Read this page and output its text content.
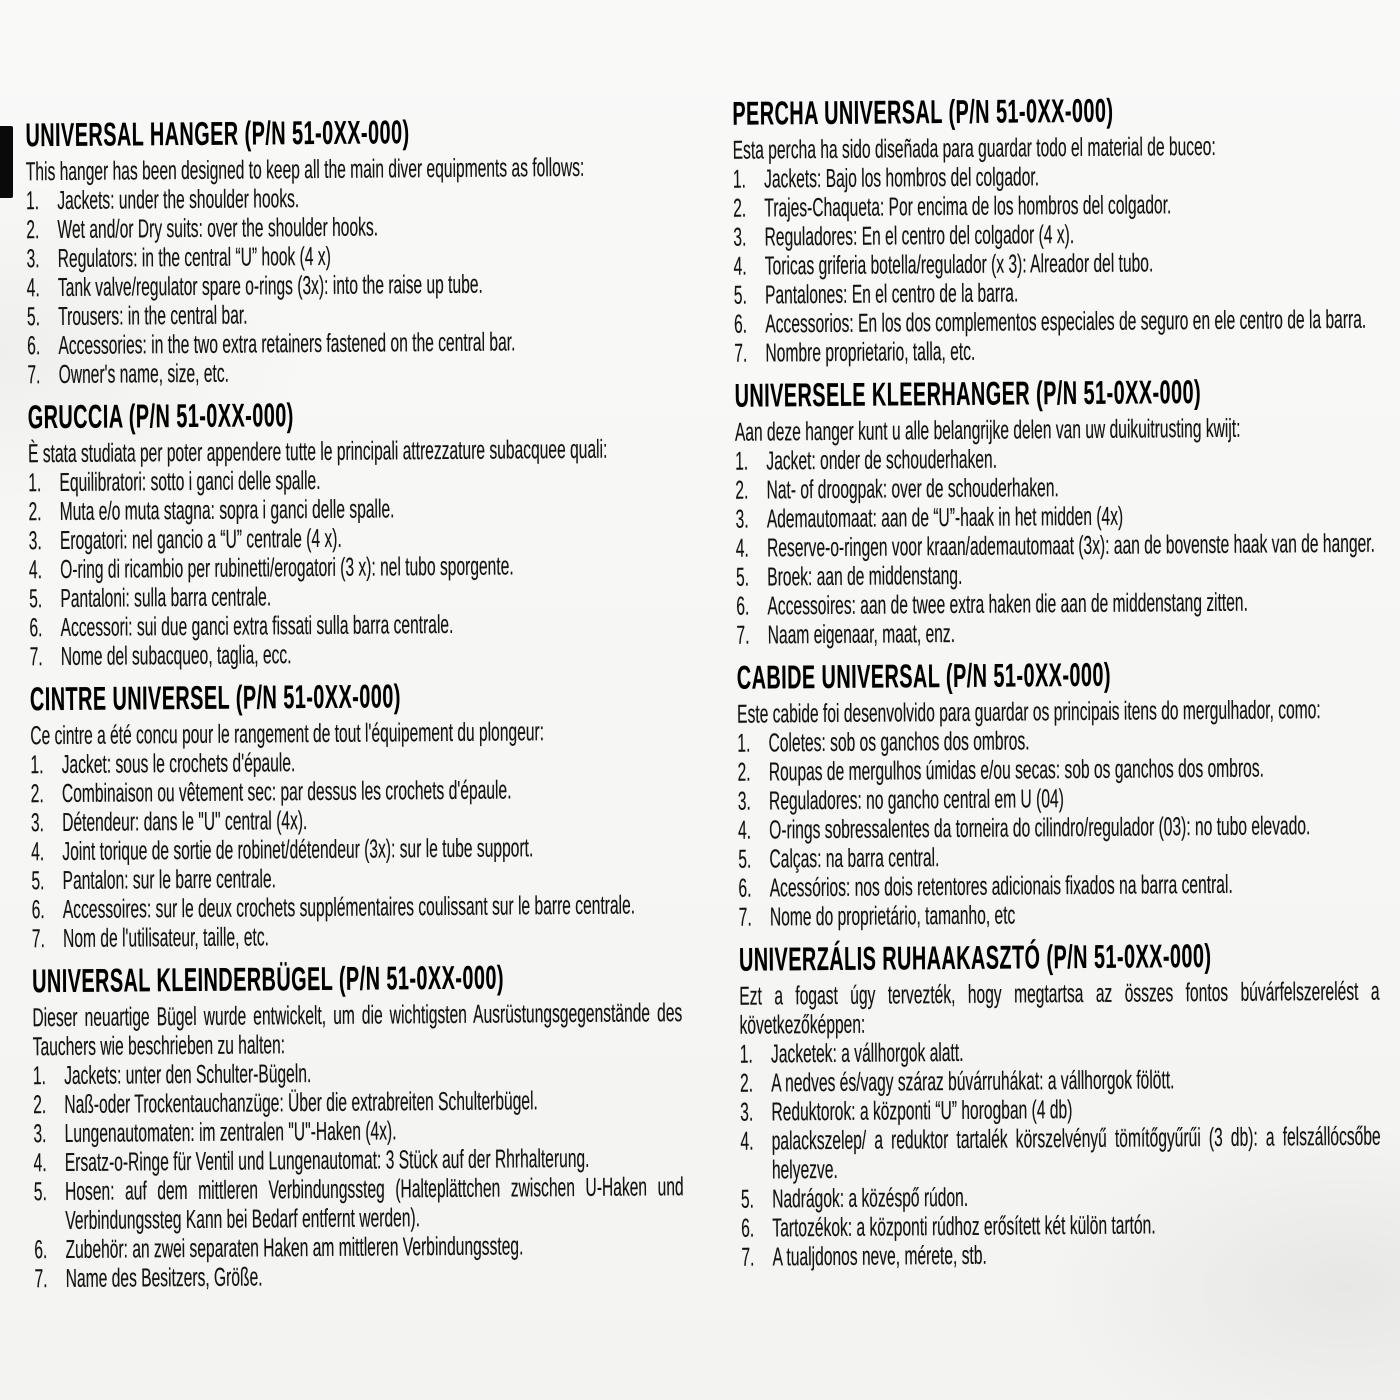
UNIVERSAL HANGER (P/N 51-0XX-000)

This hanger has been designed to keep all the main diver equipments as follows:

1. Jackets: under the shoulder hooks.
2. Wet and/or Dry suits: over the shoulder hooks.
3. Regulators: in the central “U” hook (4 x)
4. Tank valve/regulator spare o-rings (3x): into the raise up tube.
5. Trousers: in the central bar.
6. Accessories: in the two extra retainers fastened on the central bar.
7. Owner's name, size, etc.
GRUCCIA (P/N 51-0XX-000)

È stata studiata per poter appendere tutte le principali attrezzature subacquee quali:

1. Equilibratori: sotto i ganci delle spalle.
2. Muta e/o muta stagna: sopra i ganci delle spalle.
3. Erogatori: nel gancio a “U” centrale (4 x).
4. O-ring di ricambio per rubinetti/erogatori (3 x): nel tubo sporgente.
5. Pantaloni: sulla barra centrale.
6. Accessori: sui due ganci extra fissati sulla barra centrale.
7. Nome del subacqueo, taglia, ecc.
CINTRE UNIVERSEL (P/N 51-0XX-000)

Ce cintre a été concu pour le rangement de tout l'équipement du plongeur:

1. Jacket: sous le crochets d'épaule.
2. Combinaison ou vêtement sec: par dessus les crochets d'épaule.
3. Détendeur: dans le "U" central (4x).
4. Joint torique de sortie de robinet/détendeur (3x): sur le tube support.
5. Pantalon: sur le barre centrale.
6. Accessoires: sur le deux crochets supplémentaires coulissant sur le barre centrale.
7. Nom de l'utilisateur, taille, etc.
UNIVERSAL KLEINDERBÜGEL (P/N 51-0XX-000)

Dieser neuartige Bügel wurde entwickelt, um die wichtigsten Ausrüstungsgegenstände des Tauchers wie beschrieben zu halten:

1. Jackets: unter den Schulter-Bügeln.
2. Naß-oder Trockentauchanzüge: Über die extrabreiten Schulterbügel.
3. Lungenautomaten: im zentralen "U"-Haken (4x).
4. Ersatz-o-Ringe für Ventil und Lungenautomat: 3 Stück auf der Rhrhalterung.
5. Hosen: auf dem mittleren Verbindungssteg (Halteplättchen zwischen U-Haken und Verbindungssteg Kann bei Bedarf entfernt werden).
6. Zubehör: an zwei separaten Haken am mittleren Verbindungssteg.
7. Name des Besitzers, Größe.
PERCHA UNIVERSAL (P/N 51-0XX-000)

Esta percha ha sido diseñada para guardar todo el material de buceo:

1. Jackets: Bajo los hombros del colgador.
2. Trajes-Chaqueta: Por encima de los hombros del colgador.
3. Reguladores: En el centro del colgador (4 x).
4. Toricas griferia botella/regulador (x 3): Alreador del tubo.
5. Pantalones: En el centro de la barra.
6. Accessorios: En los dos complementos especiales de seguro en ele centro de la barra.
7. Nombre proprietario, talla, etc.
UNIVERSELE KLEERHANGER (P/N 51-0XX-000)

Aan deze hanger kunt u alle belangrijke delen van uw duikuitrusting kwijt:

1. Jacket: onder de schouderhaken.
2. Nat- of droogpak: over de schouderhaken.
3. Ademautomaat: aan de “U”-haak in het midden (4x)
4. Reserve-o-ringen voor kraan/ademautomaat (3x): aan de bovenste haak van de hanger.
5. Broek: aan de middenstang.
6. Accessoires: aan de twee extra haken die aan de middenstang zitten.
7. Naam eigenaar, maat, enz.
CABIDE UNIVERSAL (P/N 51-0XX-000)

Este cabide foi desenvolvido para guardar os principais itens do mergulhador, como:

1. Coletes: sob os ganchos dos ombros.
2. Roupas de mergulhos úmidas e/ou secas: sob os ganchos dos ombros.
3. Reguladores: no gancho central em U (04)
4. O-rings sobressalentes da torneira do cilindro/regulador (03): no tubo elevado.
5. Calças: na barra central.
6. Acessórios: nos dois retentores adicionais fixados na barra central.
7. Nome do proprietário, tamanho, etc
UNIVERZÁLIS RUHAAKASZTÓ (P/N 51-0XX-000)

Ezt a fogast úgy tervezték, hogy megtartsa az összes fontos búvárfelszerelést a következőképpen:

1. Jacketek: a vállhorgok alatt.
2. A nedves és/vagy száraz búvárruhákat: a vállhorgok fölött.
3. Reduktorok: a központi “U” horogban (4 db)
4. palackszelep/ a reduktor tartalék körszelvényű tömítőgyűrűi (3 db): a felszállócsőbe helyezve.
5. Nadrágok: a közéspő rúdon.
6. Tartozékok: a központi rúdhoz erősített két külön tartón.
7. A tualjdonos neve, mérete, stb.
